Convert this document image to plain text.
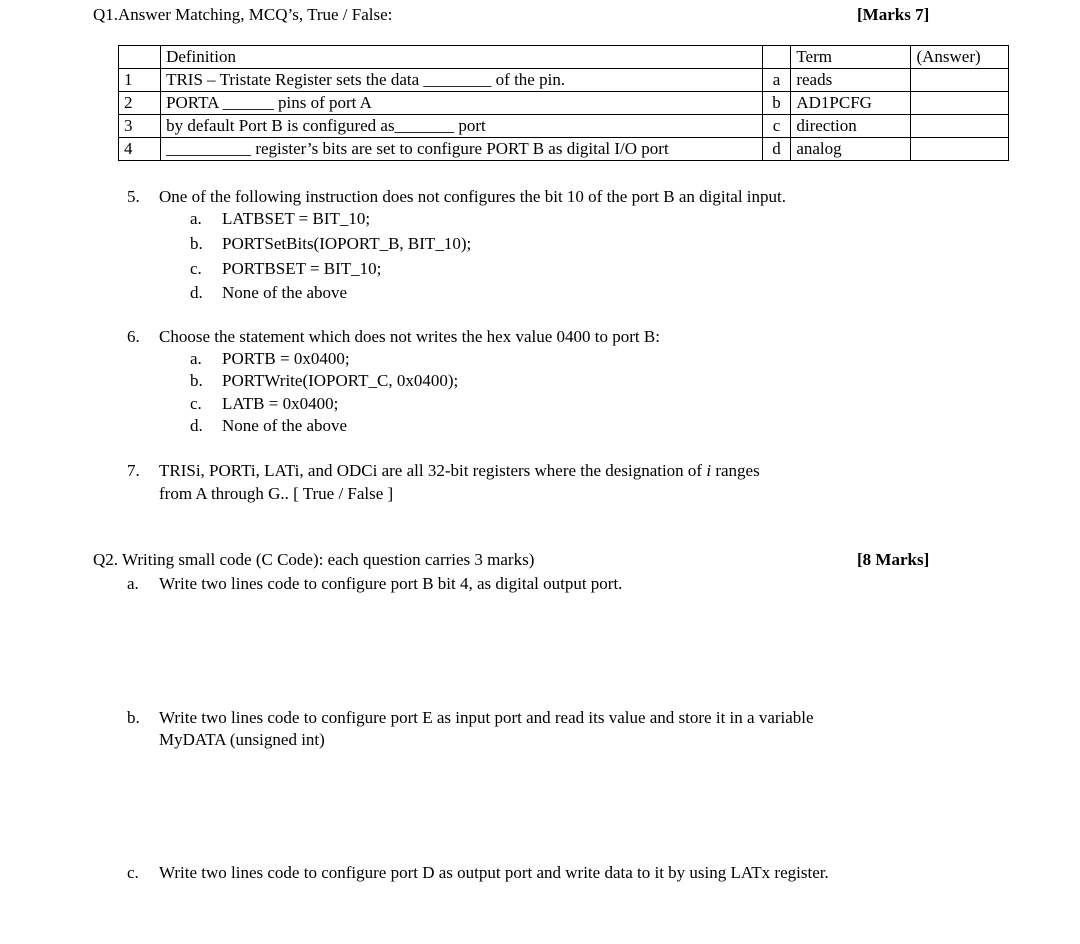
Q1.Answer Matching, MCQ’s, True / False:	[Marks 7]
	Definition		Term	(Answer)
1	TRIS – Tristate Register sets the data ________ of the pin.	a	reads	
2	PORTA ______ pins of port A	b	AD1PCFG	
3	by default Port B is configured as_______ port	c	direction	
4	__________ register’s bits are set to configure PORT B as digital I/O port	d	analog	
5. One of the following instruction does not configures the bit 10 of the port B an digital input.
a. LATBSET = BIT_10;
b. PORTSetBits(IOPORT_B, BIT_10);
c. PORTBSET = BIT_10;
d. None of the above
6. Choose the statement which does not writes the hex value 0400 to port B:
a. PORTB = 0x0400;
b. PORTWrite(IOPORT_C, 0x0400);
c. LATB = 0x0400;
d. None of the above
7. TRISi, PORTi, LATi, and ODCi are all 32-bit registers where the designation of i ranges
from A through G.. [ True / False ]
Q2. Writing small code (C Code): each question carries 3 marks)	[8 Marks]
a. Write two lines code to configure port B bit 4, as digital output port.
b. Write two lines code to configure port E as input port and read its value and store it in a variable
MyDATA (unsigned int)
c. Write two lines code to configure port D as output port and write data to it by using LATx register.
